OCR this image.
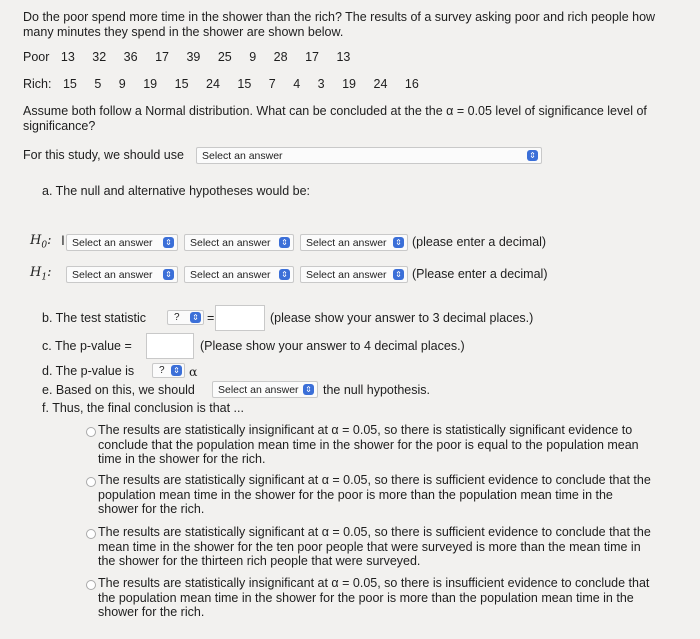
Do the poor spend more time in the shower than the rich? The results of a survey asking poor and rich people how many minutes they spend in the shower are shown below.
Poor 13 32 36 17 39 25 9 28 17 13
Rich: 15 5 9 19 15 24 15 7 4 3 19 24 16
Assume both follow a Normal distribution. What can be concluded at the the α = 0.05 level of significance level of significance?
For this study, we should use	Select an answer	⇕
a. The null and alternative hypotheses would be:
$H_0$: I Select an answer ⇕	Select an answer ⇕	Select an answer ⇕ (please enter a decimal)
$H_1$:	Select an answer ⇕	Select an answer ⇕	Select an answer ⇕ (Please enter a decimal)
b. The test statistic	? ⇕ =	(please show your answer to 3 decimal places.)
c. The p-value =	(Please show your answer to 4 decimal places.)
d. The p-value is	? ⇕ α
e. Based on this, we should	Select an answer ⇕ the null hypothesis.
f. Thus, the final conclusion is that ...
The results are statistically insignificant at α = 0.05, so there is statistically significant evidence to conclude that the population mean time in the shower for the poor is equal to the population mean time in the shower for the rich.
The results are statistically significant at α = 0.05, so there is sufficient evidence to conclude that the population mean time in the shower for the poor is more than the population mean time in the shower for the rich.
The results are statistically significant at α = 0.05, so there is sufficient evidence to conclude that the mean time in the shower for the ten poor people that were surveyed is more than the mean time in the shower for the thirteen rich people that were surveyed.
The results are statistically insignificant at α = 0.05, so there is insufficient evidence to conclude that the population mean time in the shower for the poor is more than the population mean time in the shower for the rich.
